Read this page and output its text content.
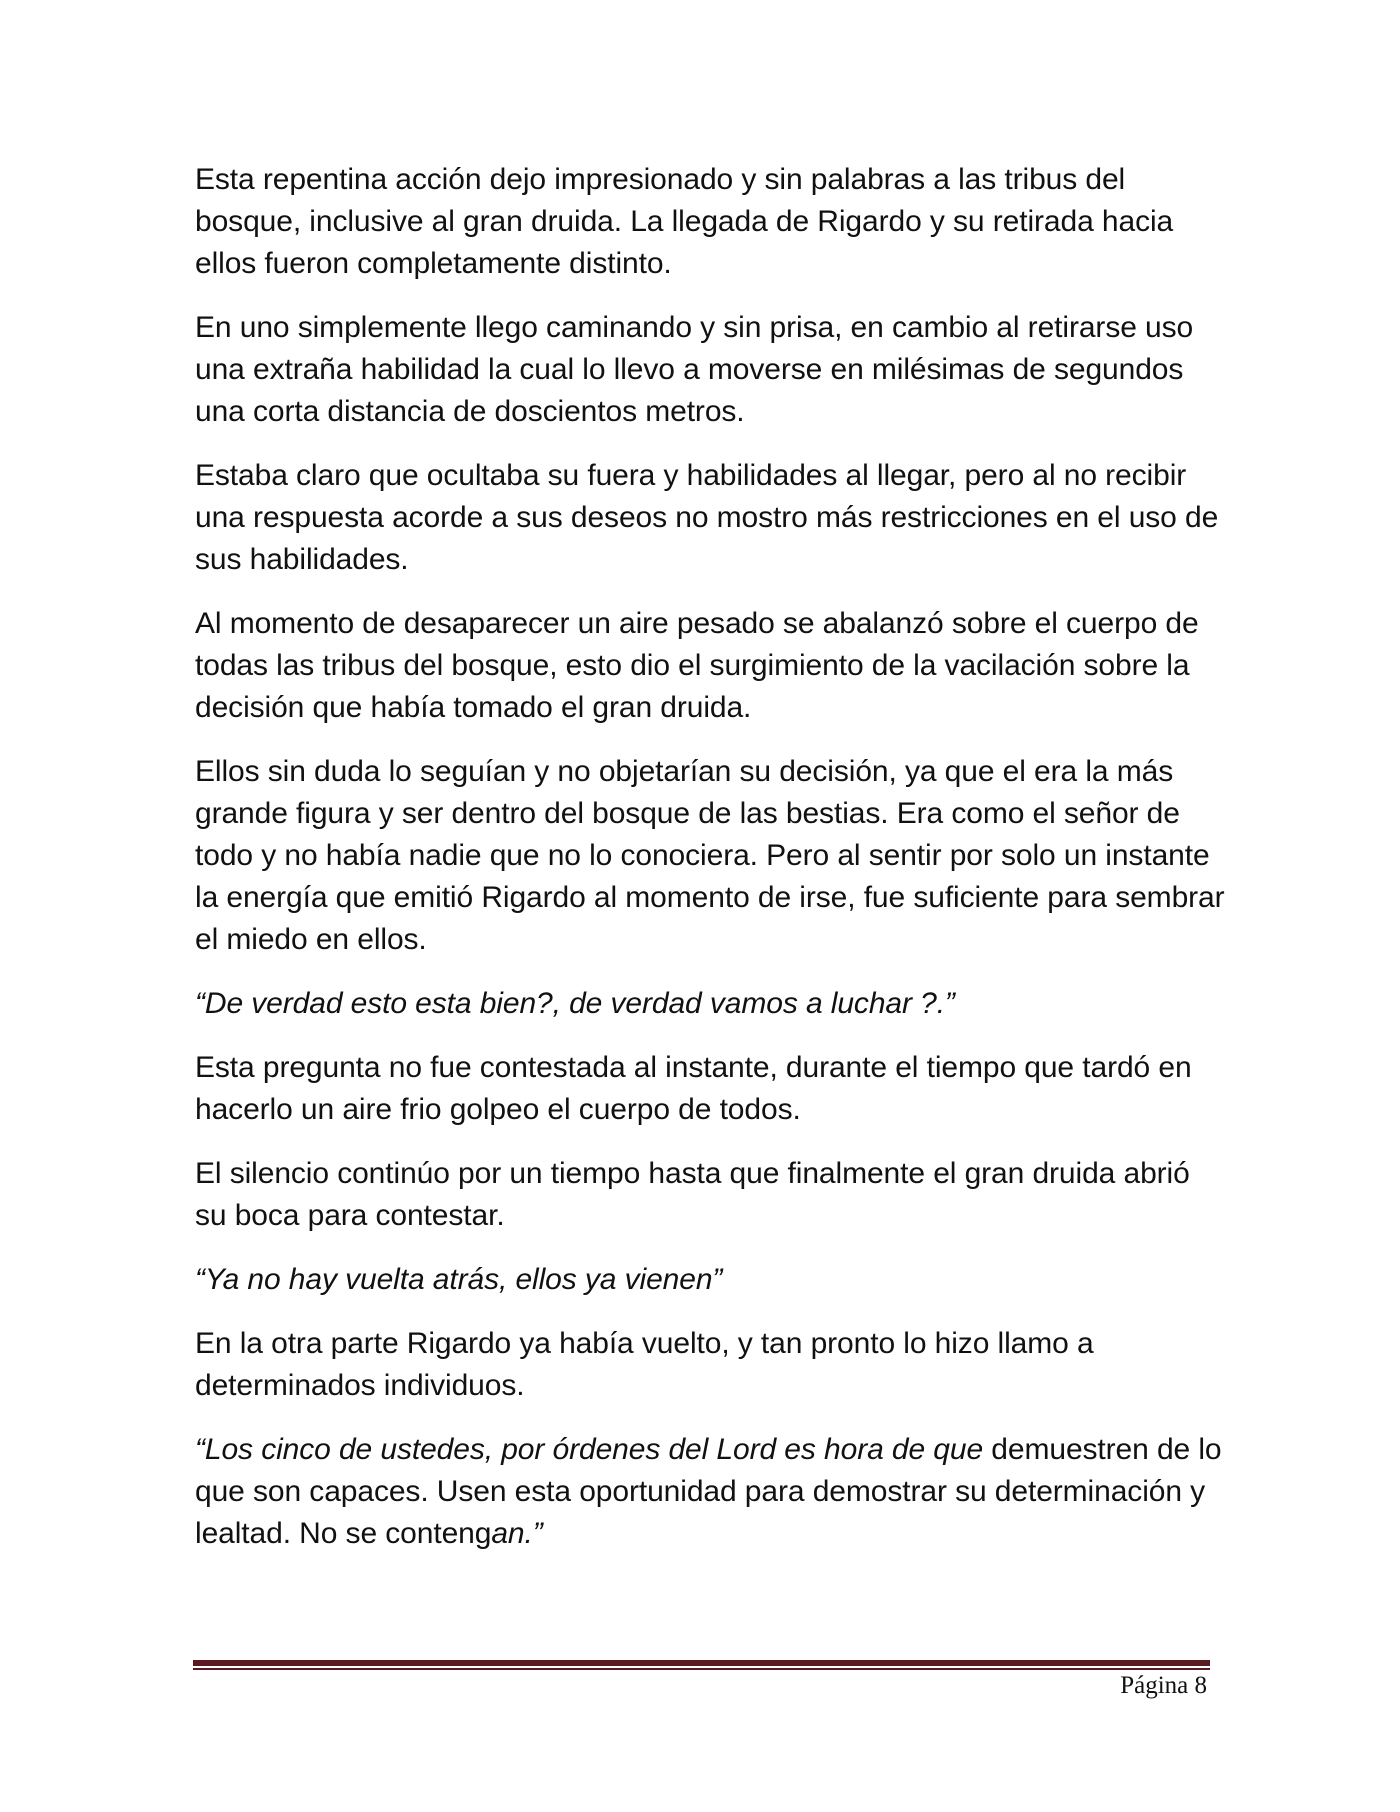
Esta repentina acción dejo impresionado y sin palabras a las tribus del bosque, inclusive al gran druida. La llegada de Rigardo y su retirada hacia ellos fueron completamente distinto.

En uno simplemente llego caminando y sin prisa, en cambio al retirarse uso una extraña habilidad la cual lo llevo a moverse en milésimas de segundos una corta distancia de doscientos metros.

Estaba claro que ocultaba su fuera y habilidades al llegar, pero al no recibir una respuesta acorde a sus deseos no mostro más restricciones en el uso de sus habilidades.

Al momento de desaparecer un aire pesado se abalanzó sobre el cuerpo de todas las tribus del bosque, esto dio el surgimiento de la vacilación sobre la decisión que había tomado el gran druida.

Ellos sin duda lo seguían y no objetarían su decisión, ya que el era la más grande figura y ser dentro del bosque de las bestias. Era como el señor de todo y no había nadie que no lo conociera. Pero al sentir por solo un instante la energía que emitió Rigardo al momento de irse, fue suficiente para sembrar el miedo en ellos.

“De verdad esto esta bien?, de verdad vamos a luchar ?.”

Esta pregunta no fue contestada al instante, durante el tiempo que tardó en hacerlo un aire frio golpeo el cuerpo de todos.

El silencio continúo por un tiempo hasta que finalmente el gran druida abrió su boca para contestar.

“Ya no hay vuelta atrás, ellos ya vienen”

En la otra parte Rigardo ya había vuelto, y tan pronto lo hizo llamo a determinados individuos.

“Los cinco de ustedes, por órdenes del Lord es hora de que demuestren de lo que son capaces. Usen esta oportunidad para demostrar su determinación y lealtad. No se contengan.”

Página 8
